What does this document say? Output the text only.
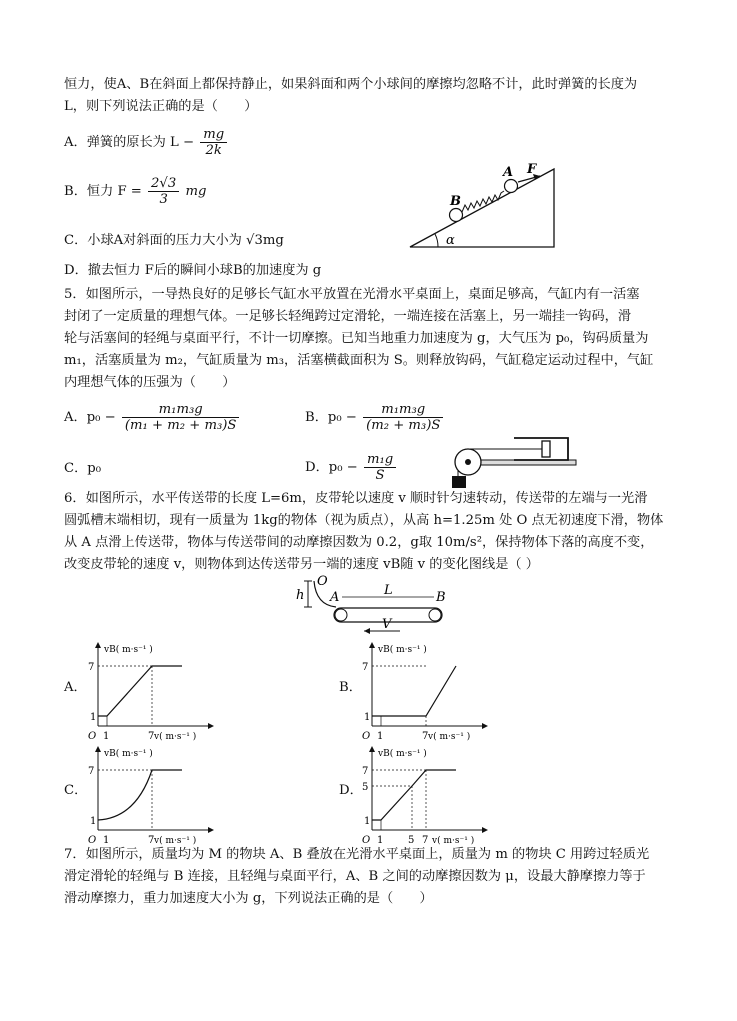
恒力，使A、B在斜面上都保持静止，如果斜面和两个小球间的摩擦均忽略不计，此时弹簧的长度为
L，则下列说法正确的是（　　）
A．弹簧的原长为 $L - \frac{mg}{2k}$
B．恒力 $F = \frac{2√3}{3}$ mg
C．小球A对斜面的压力大小为 √3mg
D．撤去恒力 F后的瞬间小球B的加速度为 g
α
B
A F
5．如图所示，一导热良好的足够长气缸水平放置在光滑水平桌面上，桌面足够高，气缸内有一活塞
封闭了一定质量的理想气体。一足够长轻绳跨过定滑轮，一端连接在活塞上，另一端挂一钩码，滑
轮与活塞间的轻绳与桌面平行，不计一切摩擦。已知当地重力加速度为 g，大气压为 p₀，钩码质量为
m₁，活塞质量为 m₂，气缸质量为 m₃，活塞横截面积为 S。则释放钩码，气缸稳定运动过程中，气缸
内理想气体的压强为（　　）
A．$p_0 - \frac{\text{m₁m₃g}}{\text{(m₁ + m₂ + m₃)S}}$	B．$p_0 - \frac{\text{m₁m₃g}}{\text{(m₂ + m₃)S}}$
C．p₀	D．$p_0 - \frac{\text{m₁g}}{S}$
6．如图所示，水平传送带的长度 L=6m，皮带轮以速度 v 顺时针匀速转动，传送带的左端与一光滑
圆弧槽末端相切，现有一质量为 1kg的物体（视为质点），从高 h=1.25m 处 O 点无初速度下滑，物体
从 A 点滑上传送带，物体与传送带间的动摩擦因数为 0.2，g取 10m/s²，保持物体下落的高度不变，
改变皮带轮的速度 v，则物体到达传送带另一端的速度 vB随 v 的变化图线是（ ）
h
O
A	B
L
V
A．
vB( m·s⁻¹ )
v( m·s⁻¹ )
7
1
1	7
O
B．
vB( m·s⁻¹ )
v( m·s⁻¹ )
7
1
1	7
O
C．
vB( m·s⁻¹ )
v( m·s⁻¹ )
7
1
1	7
O
D．
vB( m·s⁻¹ )
v( m·s⁻¹ )
7
5
1
1 5 7
O
7．如图所示，质量均为 M 的物块 A、B 叠放在光滑水平桌面上，质量为 m 的物块 C 用跨过轻质光
滑定滑轮的轻绳与 B 连接，且轻绳与桌面平行，A、B 之间的动摩擦因数为 μ，设最大静摩擦力等于
滑动摩擦力，重力加速度大小为 g，下列说法正确的是（　　）
